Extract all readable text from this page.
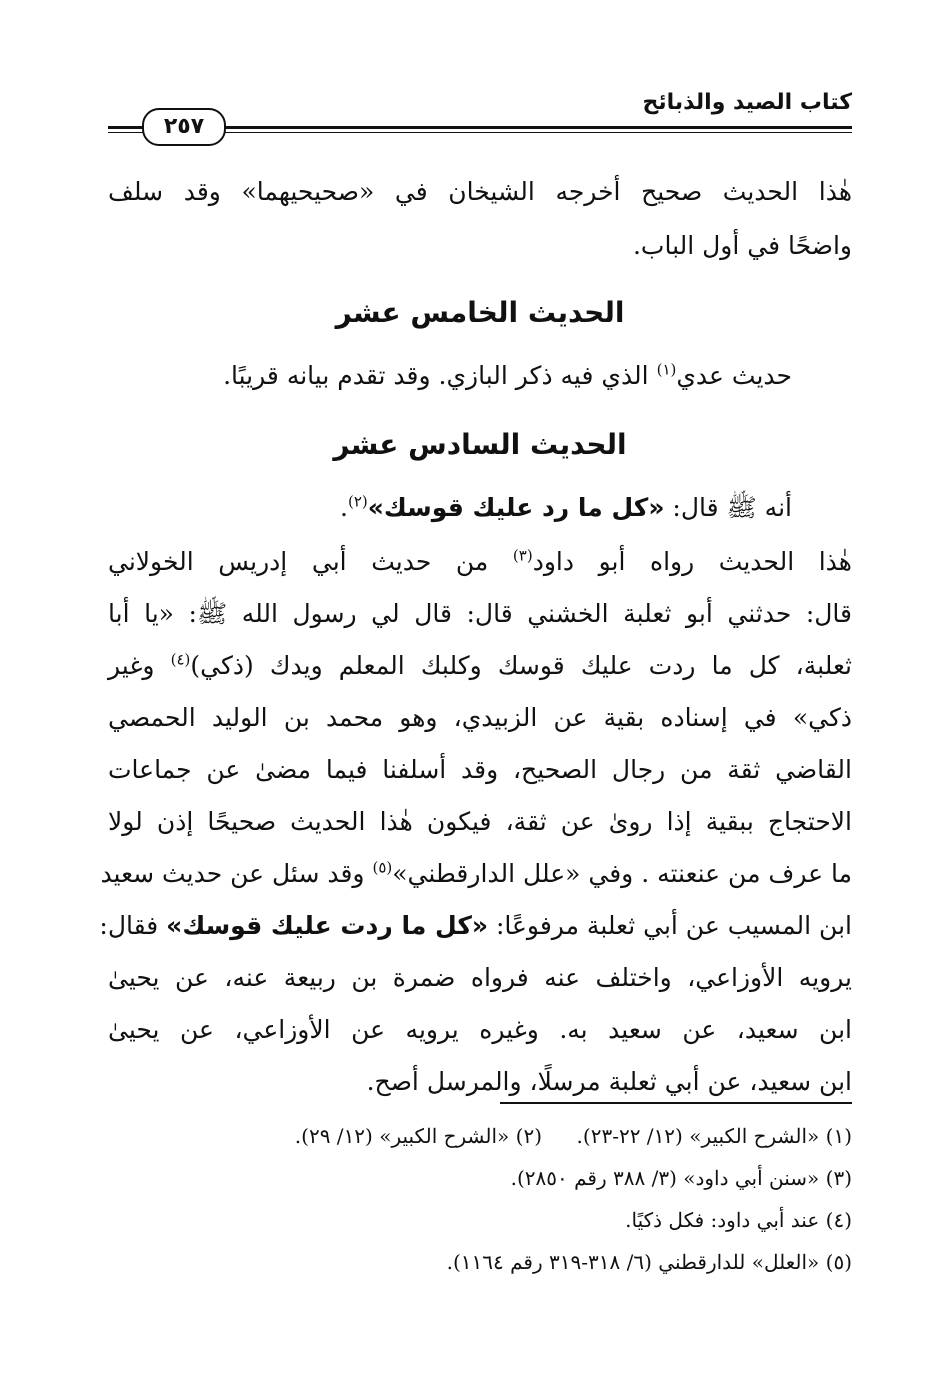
كتاب الصيد والذبائح
٢٥٧
هٰذا الحديث صحيح أخرجه الشيخان في «صحيحيهما» وقد سلف
واضحًا في أول الباب.
الحديث الخامس عشر
حديث عدي$^{(١)}$ الذي فيه ذكر البازي. وقد تقدم بيانه قريبًا.
الحديث السادس عشر
أنه ﷺ قال: «كل ما رد عليك قوسك»$^{(٢)}$.
هٰذا الحديث رواه أبو داود$^{(٣)}$ من حديث أبي إدريس الخولاني
قال: حدثني أبو ثعلبة الخشني قال: قال لي رسول الله ﷺ: «يا أبا
ثعلبة، كل ما ردت عليك قوسك وكلبك المعلم ويدك (ذكي)$^{(٤)}$ وغير
ذكي» في إسناده بقية عن الزبيدي، وهو محمد بن الوليد الحمصي
القاضي ثقة من رجال الصحيح، وقد أسلفنا فيما مضىٰ عن جماعات
الاحتجاج ببقية إذا روىٰ عن ثقة، فيكون هٰذا الحديث صحيحًا إذن لولا
ما عرف من عنعنته . وفي «علل الدارقطني»$^{(٥)}$ وقد سئل عن حديث سعيد
ابن المسيب عن أبي ثعلبة مرفوعًا: «كل ما ردت عليك قوسك» فقال:
يرويه الأوزاعي، واختلف عنه فرواه ضمرة بن ربيعة عنه، عن يحيىٰ
ابن سعيد، عن سعيد به. وغيره يرويه عن الأوزاعي، عن يحيىٰ
ابن سعيد، عن أبي ثعلبة مرسلًا، والمرسل أصح.
(١) «الشرح الكبير» (١٢/ ٢٢-٢٣).
(٢) «الشرح الكبير» (١٢/ ٢٩).
(٣) «سنن أبي داود» (٣/ ٣٨٨ رقم ٢٨٥٠).
(٤) عند أبي داود: فكل ذكيًا.
(٥) «العلل» للدارقطني (٦/ ٣١٨-٣١٩ رقم ١١٦٤).
